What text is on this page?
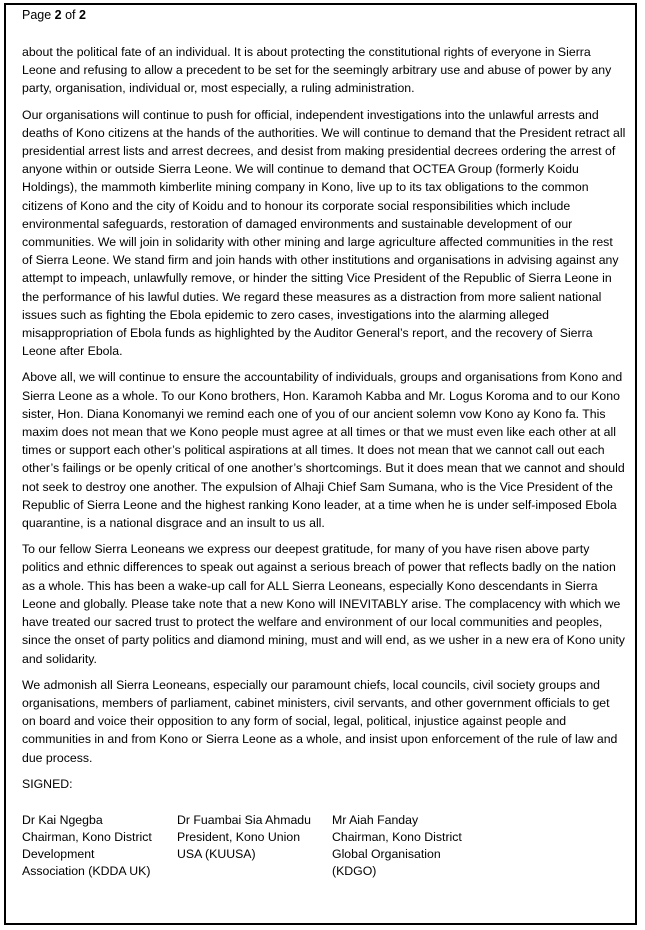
Page 2 of 2

about the political fate of an individual. It is about protecting the constitutional rights of everyone in Sierra Leone and refusing to allow a precedent to be set for the seemingly arbitrary use and abuse of power by any party, organisation, individual or, most especially, a ruling administration.

Our organisations will continue to push for official, independent investigations into the unlawful arrests and deaths of Kono citizens at the hands of the authorities. We will continue to demand that the President retract all presidential arrest lists and arrest decrees, and desist from making presidential decrees ordering the arrest of anyone within or outside Sierra Leone. We will continue to demand that OCTEA Group (formerly Koidu Holdings), the mammoth kimberlite mining company in Kono, live up to its tax obligations to the common citizens of Kono and the city of Koidu and to honour its corporate social responsibilities which include environmental safeguards, restoration of damaged environments and sustainable development of our communities. We will join in solidarity with other mining and large agriculture affected communities in the rest of Sierra Leone. We stand firm and join hands with other institutions and organisations in advising against any attempt to impeach, unlawfully remove, or hinder the sitting Vice President of the Republic of Sierra Leone in the performance of his lawful duties. We regard these measures as a distraction from more salient national issues such as fighting the Ebola epidemic to zero cases, investigations into the alarming alleged misappropriation of Ebola funds as highlighted by the Auditor General’s report, and the recovery of Sierra Leone after Ebola.

Above all, we will continue to ensure the accountability of individuals, groups and organisations from Kono and Sierra Leone as a whole. To our Kono brothers, Hon. Karamoh Kabba and Mr. Logus Koroma and to our Kono sister, Hon. Diana Konomanyi we remind each one of you of our ancient solemn vow Kono ay Kono fa. This maxim does not mean that we Kono people must agree at all times or that we must even like each other at all times or support each other’s political aspirations at all times. It does not mean that we cannot call out each other’s failings or be openly critical of one another’s shortcomings. But it does mean that we cannot and should not seek to destroy one another. The expulsion of Alhaji Chief Sam Sumana, who is the Vice President of the Republic of Sierra Leone and the highest ranking Kono leader, at a time when he is under self-imposed Ebola quarantine, is a national disgrace and an insult to us all.

To our fellow Sierra Leoneans we express our deepest gratitude, for many of you have risen above party politics and ethnic differences to speak out against a serious breach of power that reflects badly on the nation as a whole. This has been a wake-up call for ALL Sierra Leoneans, especially Kono descendants in Sierra Leone and globally. Please take note that a new Kono will INEVITABLY arise. The complacency with which we have treated our sacred trust to protect the welfare and environment of our local communities and peoples, since the onset of party politics and diamond mining, must and will end, as we usher in a new era of Kono unity and solidarity.

We admonish all Sierra Leoneans, especially our paramount chiefs, local councils, civil society groups and organisations, members of parliament, cabinet ministers, civil servants, and other government officials to get on board and voice their opposition to any form of social, legal, political, injustice against people and communities in and from Kono or Sierra Leone as a whole, and insist upon enforcement of the rule of law and due process.

SIGNED:
Dr Kai Ngegba
Chairman, Kono District
Development
Association (KDDA UK)
Dr Fuambai Sia Ahmadu
President, Kono Union
USA (KUUSA)
Mr Aiah Fanday
Chairman, Kono District
Global Organisation
(KDGO)
